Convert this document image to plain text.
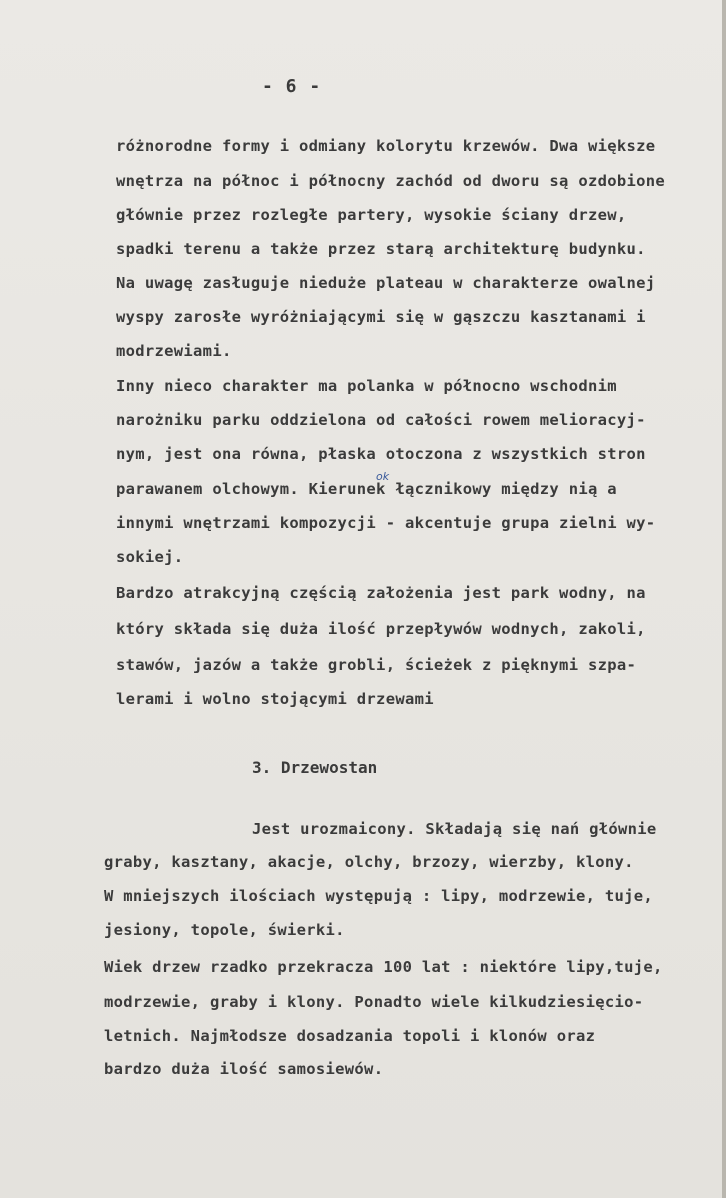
- 6 -
różnorodne formy i odmiany kolorytu krzewów. Dwa większe
wnętrza na północ i północny zachód od dworu są ozdobione
głównie przez rozległe partery, wysokie ściany drzew,
spadki terenu a także przez starą architekturę budynku.
Na uwagę zasługuje nieduże plateau w charakterze owalnej
wyspy zarosłe wyróżniającymi się w gąszczu kasztanami i
modrzewiami.
Inny nieco charakter ma polanka w północno wschodnim
narożniku parku oddzielona od całości rowem melioracyj-
nym, jest ona równa, płaska otoczona z wszystkich stron
ok
parawanem olchowym. Kierunek łącznikowy między nią a
innymi wnętrzami kompozycji - akcentuje grupa zielni wy-
sokiej.
Bardzo atrakcyjną częścią założenia jest park wodny, na
który składa się duża ilość przepływów wodnych, zakoli,
stawów, jazów a także grobli, ścieżek z pięknymi szpa-
lerami i wolno stojącymi drzewami
3. Drzewostan
Jest urozmaicony. Składają się nań głównie
graby, kasztany, akacje, olchy, brzozy, wierzby, klony.
W mniejszych ilościach występują : lipy, modrzewie, tuje,
jesiony, topole, świerki.
Wiek drzew rzadko przekracza 100 lat : niektóre lipy,tuje,
modrzewie, graby i klony. Ponadto wiele kilkudziesięcio-
letnich. Najmłodsze dosadzania topoli i klonów oraz
bardzo duża ilość samosiewów.
